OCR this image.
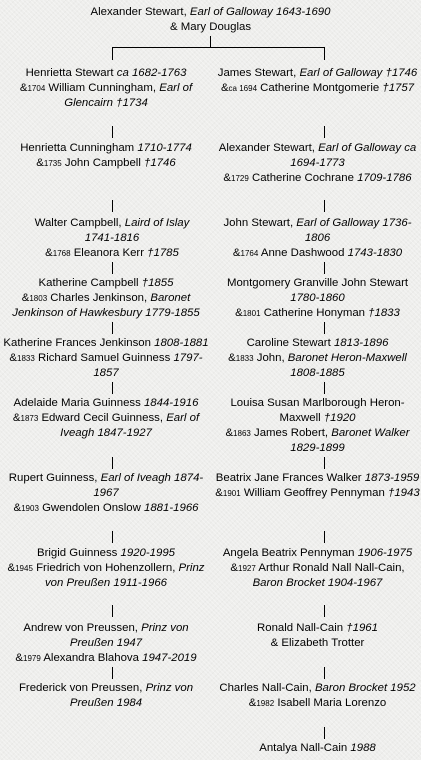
Alexander Stewart, Earl of Galloway 1643-1690
& Mary Douglas
Henrietta Stewart ca 1682-1763
&1704 William Cunningham, Earl of Glencairn †1734
Henrietta Cunningham 1710-1774
&1735 John Campbell †1746
Walter Campbell, Laird of Islay 1741-1816
&1768 Eleanora Kerr †1785
Katherine Campbell †1855
&1803 Charles Jenkinson, Baronet Jenkinson of Hawkesbury 1779-1855
Katherine Frances Jenkinson 1808-1881
&1833 Richard Samuel Guinness 1797-1857
Adelaide Maria Guinness 1844-1916
&1873 Edward Cecil Guinness, Earl of Iveagh 1847-1927
Rupert Guinness, Earl of Iveagh 1874-1967
&1903 Gwendolen Onslow 1881-1966
Brigid Guinness 1920-1995
&1945 Friedrich von Hohenzollern, Prinz von Preußen 1911-1966
Andrew von Preussen, Prinz von Preußen 1947
&1979 Alexandra Blahova 1947-2019
Frederick von Preussen, Prinz von Preußen 1984
James Stewart, Earl of Galloway †1746
&ca 1694 Catherine Montgomerie †1757
Alexander Stewart, Earl of Galloway ca 1694-1773
&1729 Catherine Cochrane 1709-1786
John Stewart, Earl of Galloway 1736-1806
&1764 Anne Dashwood 1743-1830
Montgomery Granville John Stewart 1780-1860
&1801 Catherine Honyman †1833
Caroline Stewart 1813-1896
&1833 John, Baronet Heron-Maxwell 1808-1885
Louisa Susan Marlborough Heron-Maxwell †1920
&1863 James Robert, Baronet Walker 1829-1899
Beatrix Jane Frances Walker 1873-1959
&1901 William Geoffrey Pennyman †1943
Angela Beatrix Pennyman 1906-1975
&1927 Arthur Ronald Nall Nall-Cain, Baron Brocket 1904-1967
Ronald Nall-Cain †1961
& Elizabeth Trotter
Charles Nall-Cain, Baron Brocket 1952
&1982 Isabell Maria Lorenzo
Antalya Nall-Cain 1988
